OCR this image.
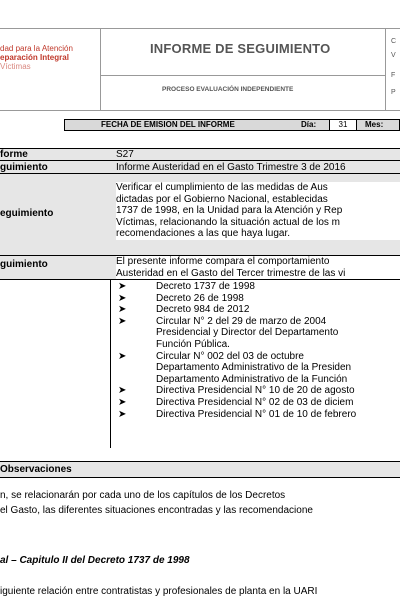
dad para la Atención
eparación Integral
Víctimas
INFORME DE SEGUIMIENTO
PROCESO EVALUACIÓN INDEPENDIENTE
C
V
F
P
FECHA DE EMISION DEL INFORME	Día:	31	Mes:
forme	S27
guimiento	Informe Austeridad en el Gasto Trimestre 3 de 2016
eguimiento
Verificar el cumplimiento de las medidas de Aus
dictadas por el Gobierno Nacional, establecidas
1737 de 1998, en la Unidad para la Atención y Rep
Víctimas, relacionando la situación actual de los m
recomendaciones a las que haya lugar.
guimiento	El presente informe compara el comportamiento
Austeridad en el Gasto del Tercer trimestre de las vi
➤	Decreto 1737 de 1998
➤	Decreto 26 de 1998
➤	Decreto 984 de 2012
➤	Circular N° 2 del 29 de marzo de 2004
Presidencial y Director del Departamento
Función Pública.
➤	Circular N° 002 del 03 de octubre
Departamento Administrativo de la Presiden
Departamento Administrativo de la Función
➤	Directiva Presidencial N° 10 de 20 de agosto
➤	Directiva Presidencial N° 02 de 03 de diciem
➤	Directiva Presidencial N° 01 de 10 de febrero
Observaciones
n, se relacionarán por cada uno de los capítulos de los Decretos
el Gasto, las diferentes situaciones encontradas y las recomendacione
al – Capitulo II del Decreto 1737 de 1998
iguiente relación entre contratistas y profesionales de planta en la UARI
